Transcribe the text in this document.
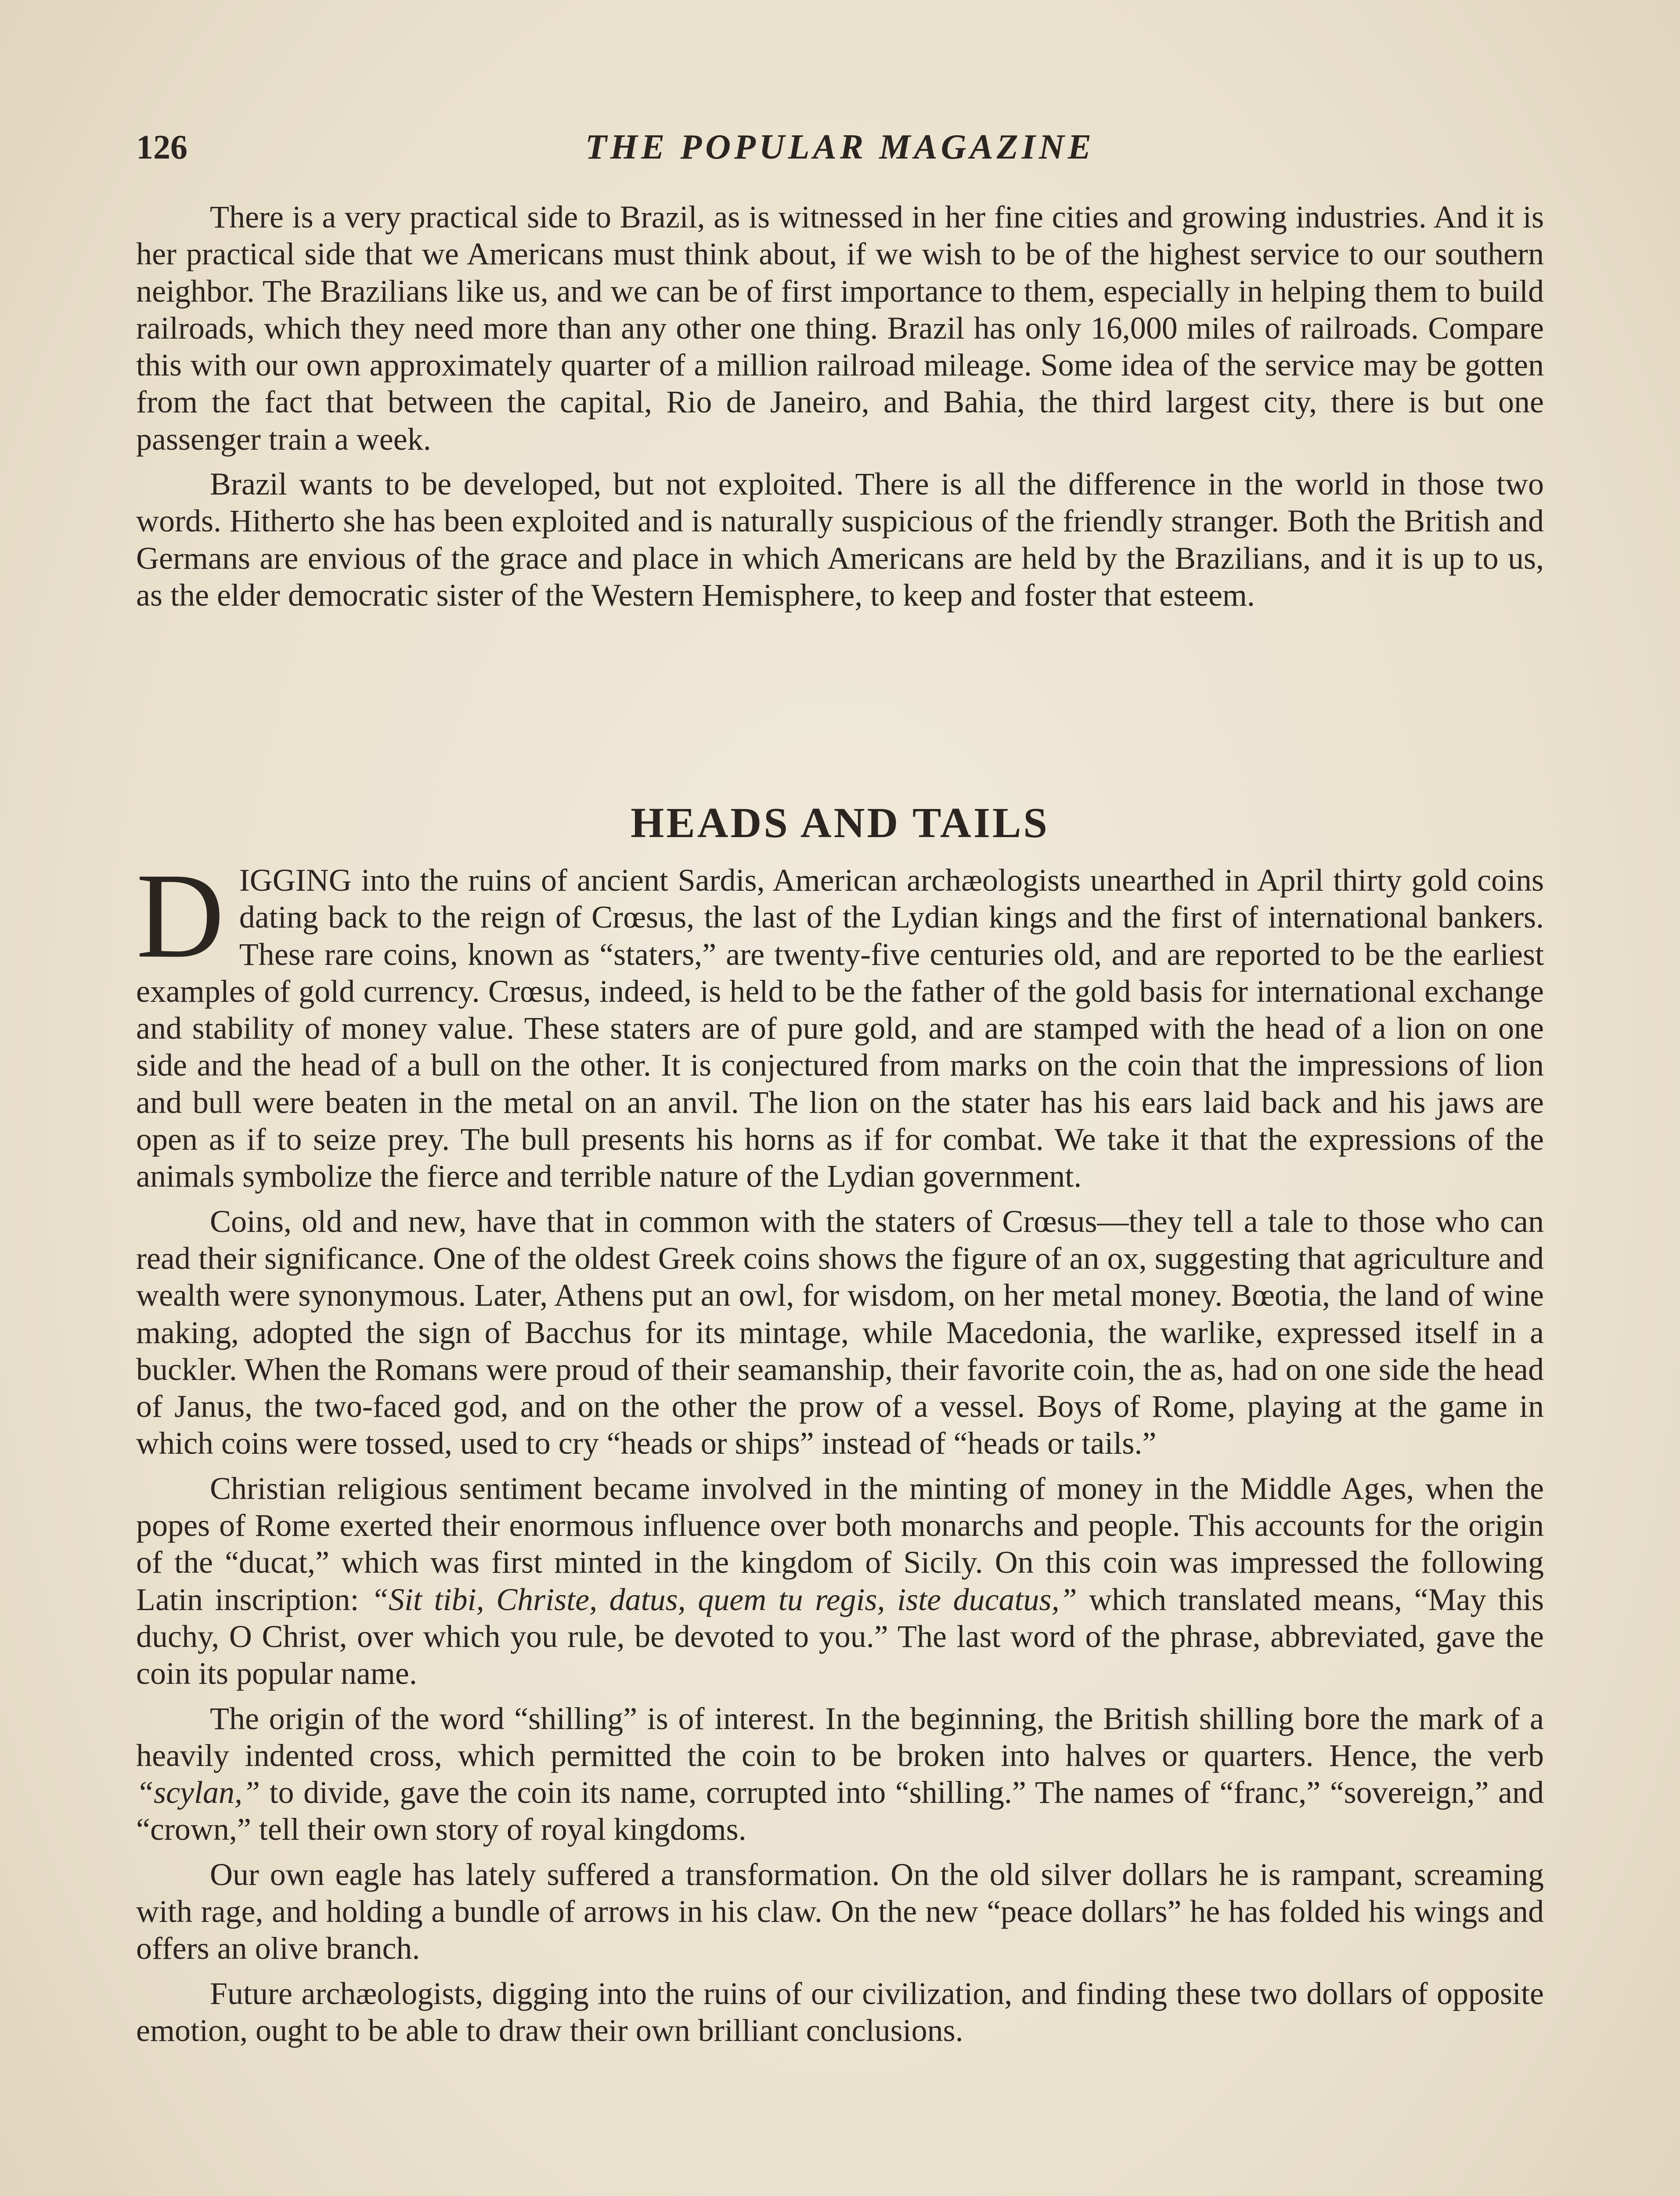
126	THE POPULAR MAGAZINE

There is a very practical side to Brazil, as is witnessed in her fine cities and growing industries. And it is her practical side that we Americans must think about, if we wish to be of the highest service to our southern neighbor. The Brazilians like us, and we can be of first importance to them, especially in helping them to build railroads, which they need more than any other one thing. Brazil has only 16,000 miles of railroads. Compare this with our own approximately quarter of a million railroad mileage. Some idea of the service may be gotten from the fact that between the capital, Rio de Janeiro, and Bahia, the third largest city, there is but one passenger train a week.

Brazil wants to be developed, but not exploited. There is all the difference in the world in those two words. Hitherto she has been exploited and is naturally suspicious of the friendly stranger. Both the British and Germans are envious of the grace and place in which Americans are held by the Brazilians, and it is up to us, as the elder democratic sister of the Western Hemisphere, to keep and foster that esteem.

HEADS AND TAILS

DIGGING into the ruins of ancient Sardis, American archæologists unearthed in April thirty gold coins dating back to the reign of Crœsus, the last of the Lydian kings and the first of international bankers. These rare coins, known as “staters,” are twenty-five centuries old, and are reported to be the earliest examples of gold currency. Crœsus, indeed, is held to be the father of the gold basis for international exchange and stability of money value. These staters are of pure gold, and are stamped with the head of a lion on one side and the head of a bull on the other. It is conjectured from marks on the coin that the impressions of lion and bull were beaten in the metal on an anvil. The lion on the stater has his ears laid back and his jaws are open as if to seize prey. The bull presents his horns as if for combat. We take it that the expressions of the animals symbolize the fierce and terrible nature of the Lydian government.

Coins, old and new, have that in common with the staters of Crœsus—they tell a tale to those who can read their significance. One of the oldest Greek coins shows the figure of an ox, suggesting that agriculture and wealth were synonymous. Later, Athens put an owl, for wisdom, on her metal money. Bœotia, the land of wine making, adopted the sign of Bacchus for its mintage, while Macedonia, the warlike, expressed itself in a buckler. When the Romans were proud of their seamanship, their favorite coin, the as, had on one side the head of Janus, the two-faced god, and on the other the prow of a vessel. Boys of Rome, playing at the game in which coins were tossed, used to cry “heads or ships” instead of “heads or tails.”

Christian religious sentiment became involved in the minting of money in the Middle Ages, when the popes of Rome exerted their enormous influence over both monarchs and people. This accounts for the origin of the “ducat,” which was first minted in the kingdom of Sicily. On this coin was impressed the following Latin inscription: “Sit tibi, Christe, datus, quem tu regis, iste ducatus,” which translated means, “May this duchy, O Christ, over which you rule, be devoted to you.” The last word of the phrase, abbreviated, gave the coin its popular name.

The origin of the word “shilling” is of interest. In the beginning, the British shilling bore the mark of a heavily indented cross, which permitted the coin to be broken into halves or quarters. Hence, the verb “scylan,” to divide, gave the coin its name, corrupted into “shilling.” The names of “franc,” “sovereign,” and “crown,” tell their own story of royal kingdoms.

Our own eagle has lately suffered a transformation. On the old silver dollars he is rampant, screaming with rage, and holding a bundle of arrows in his claw. On the new “peace dollars” he has folded his wings and offers an olive branch.

Future archæologists, digging into the ruins of our civilization, and finding these two dollars of opposite emotion, ought to be able to draw their own brilliant conclusions.
